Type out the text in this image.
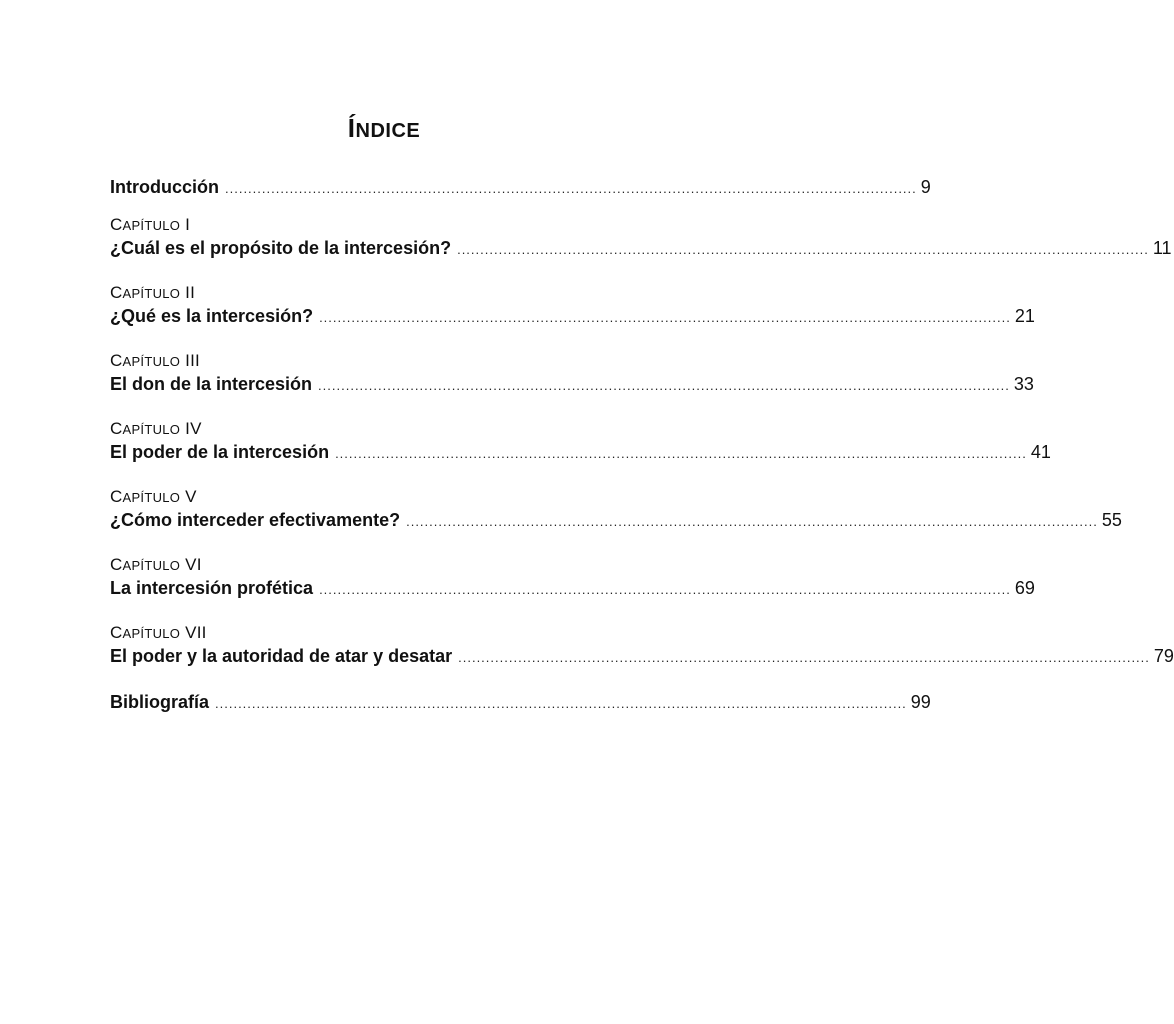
ÍNDICE
Introducción ...................................................................................................................................................... 9
CAPÍTULO I
¿Cuál es el propósito de la intercesión? ...................................................................................................................................................... 11
CAPÍTULO II
¿Qué es la intercesión? ...................................................................................................................................................... 21
CAPÍTULO III
El don de la intercesión ...................................................................................................................................................... 33
CAPÍTULO IV
El poder de la intercesión ...................................................................................................................................................... 41
CAPÍTULO V
¿Cómo interceder efectivamente? ...................................................................................................................................................... 55
CAPÍTULO VI
La intercesión profética ...................................................................................................................................................... 69
CAPÍTULO VII
El poder y la autoridad de atar y desatar ...................................................................................................................................................... 79
Bibliografía ...................................................................................................................................................... 99
